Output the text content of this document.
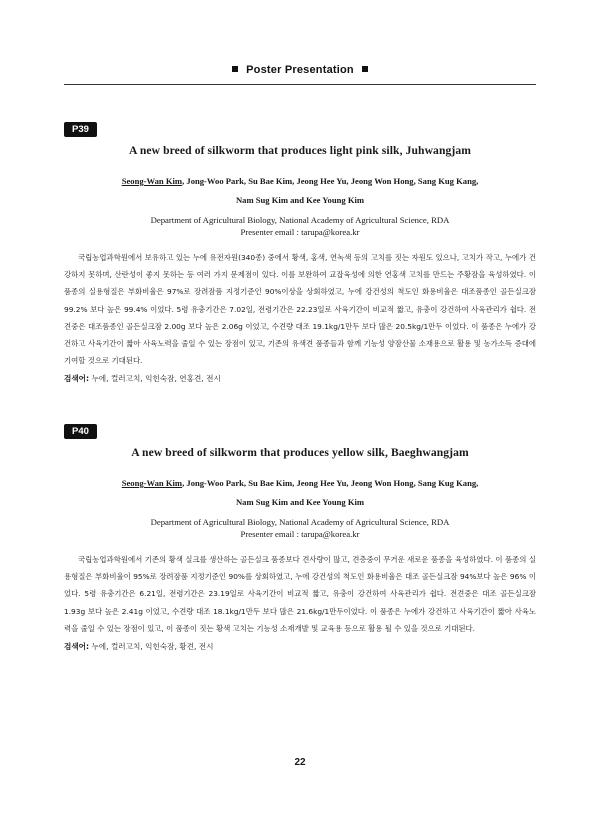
Poster Presentation
P39
A new breed of silkworm that produces light pink silk, Juhwangjam
Seong-Wan Kim, Jong-Woo Park, Su Bae Kim, Jeong Hee Yu, Jeong Won Hong, Sang Kug Kang,
Nam Sug Kim and Kee Young Kim
Department of Agricultural Biology, National Academy of Agricultural Science, RDA
Presenter email : tarupa@korea.kr
국립농업과학원에서 보유하고 있는 누에 유전자원(340종) 중에서 황색, 홍색, 연녹색 등의 고치를 짓는 자원도 있으나, 고치가 작고, 누에가 건강하지 못하며, 산란성이 좋지 못하는 등 여러 가지 문제점이 있다. 이를 보완하여 교잡육성에 의한 연홍색 고치를 만드는 주황잠을 육성하였다. 이 품종의 실용형질은 부화비율은 97%로 장려잠품 지정기준인 90%이상을 상회하였고, 누에 강건성의 척도인 화용비율은 대조품종인 골든실크잠 99.2% 보다 높은 99.4% 이었다. 5령 유충기간은 7.02일, 전령기간은 22.23일로 사육기간이 비교적 짧고, 유충이 강건하여 사육관리가 쉽다. 전견중은 대조품종인 골든실크잠 2.00g 보다 높은 2.06g 이었고, 수견량 대조 19.1kg/1만두 보다 많은 20.5kg/1만두 이었다. 이 품종은 누에가 강건하고 사육기간이 짧아 사육노력을 줄일 수 있는 장점이 있고, 기존의 유색견 품종들과 함께 기능성 양잠산물 소재용으로 활용 및 농가소득 증대에 기여할 것으로 기대된다.
검색어: 누에, 컬러고치, 익힌숙잠, 연홍견, 전시
P40
A new breed of silkworm that produces yellow silk, Baeghwangjam
Seong-Wan Kim, Jong-Woo Park, Su Bae Kim, Jeong Hee Yu, Jeong Won Hong, Sang Kug Kang,
Nam Sug Kim and Kee Young Kim
Department of Agricultural Biology, National Academy of Agricultural Science, RDA
Presenter email : tarupa@korea.kr
국립농업과학원에서 기존의 황색 실크를 생산하는 골든실크 품종보다 견사량이 많고, 견층중이 무거운 새로운 품종을 육성하였다. 이 품종의 실용형질은 부화비율이 95%로 장려잠품 지정기준인 90%를 상회하였고, 누에 강건성의 척도인 화용비율은 대조 골든실크잠 94%보다 높은 96% 이었다. 5령 유충기간은 6.21일, 전령기간은 23.19일로 사육기간이 비교적 짧고, 유충이 강건하여 사육관리가 쉽다. 전견중은 대조 골든실크잠 1.93g 보다 높은 2.41g 이었고, 수견량 대조 18.1kg/1만두 보다 많은 21.6kg/1만두이었다. 이 품종은 누에가 강건하고 사육기간이 짧아 사육노력을 줄일 수 있는 장점이 있고, 이 품종이 짓는 황색 고치는 기능성 소재개발 및 교육용 등으로 활용 될 수 있을 것으로 기대된다.
검색어: 누에, 컬러고치, 익힌숙잠, 황견, 전시
22
